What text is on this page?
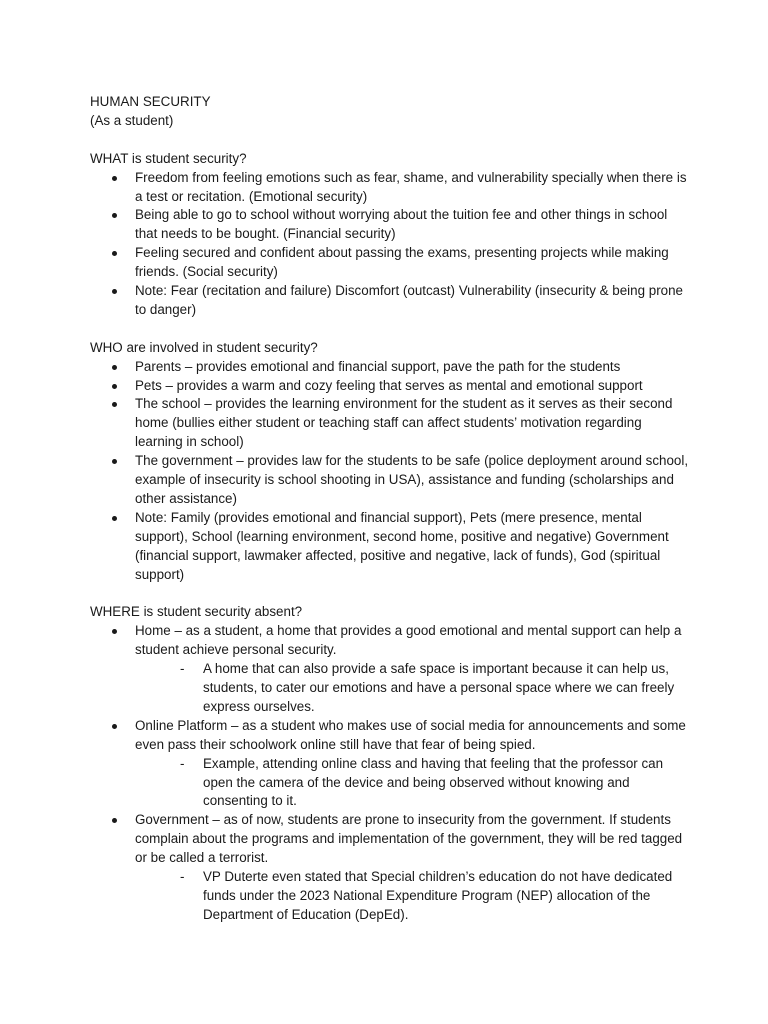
HUMAN SECURITY

(As a student)

WHAT is student security?

Freedom from feeling emotions such as fear, shame, and vulnerability specially when there is a test or recitation. (Emotional security)
Being able to go to school without worrying about the tuition fee and other things in school that needs to be bought. (Financial security)
Feeling secured and confident about passing the exams, presenting projects while making friends. (Social security)
Note: Fear (recitation and failure) Discomfort (outcast) Vulnerability (insecurity & being prone to danger)

WHO are involved in student security?

Parents – provides emotional and financial support, pave the path for the students
Pets – provides a warm and cozy feeling that serves as mental and emotional support
The school – provides the learning environment for the student as it serves as their second home (bullies either student or teaching staff can affect students’ motivation regarding learning in school)
The government – provides law for the students to be safe (police deployment around school, example of insecurity is school shooting in USA), assistance and funding (scholarships and other assistance)
Note: Family (provides emotional and financial support), Pets (mere presence, mental support), School (learning environment, second home, positive and negative) Government (financial support, lawmaker affected, positive and negative, lack of funds), God (spiritual support)

WHERE is student security absent?

Home – as a student, a home that provides a good emotional and mental support can help a student achieve personal security.
- A home that can also provide a safe space is important because it can help us, students, to cater our emotions and have a personal space where we can freely express ourselves.
Online Platform – as a student who makes use of social media for announcements and some even pass their schoolwork online still have that fear of being spied.
- Example, attending online class and having that feeling that the professor can open the camera of the device and being observed without knowing and consenting to it.
Government – as of now, students are prone to insecurity from the government. If students complain about the programs and implementation of the government, they will be red tagged or be called a terrorist.
- VP Duterte even stated that Special children’s education do not have dedicated funds under the 2023 National Expenditure Program (NEP) allocation of the Department of Education (DepEd).
